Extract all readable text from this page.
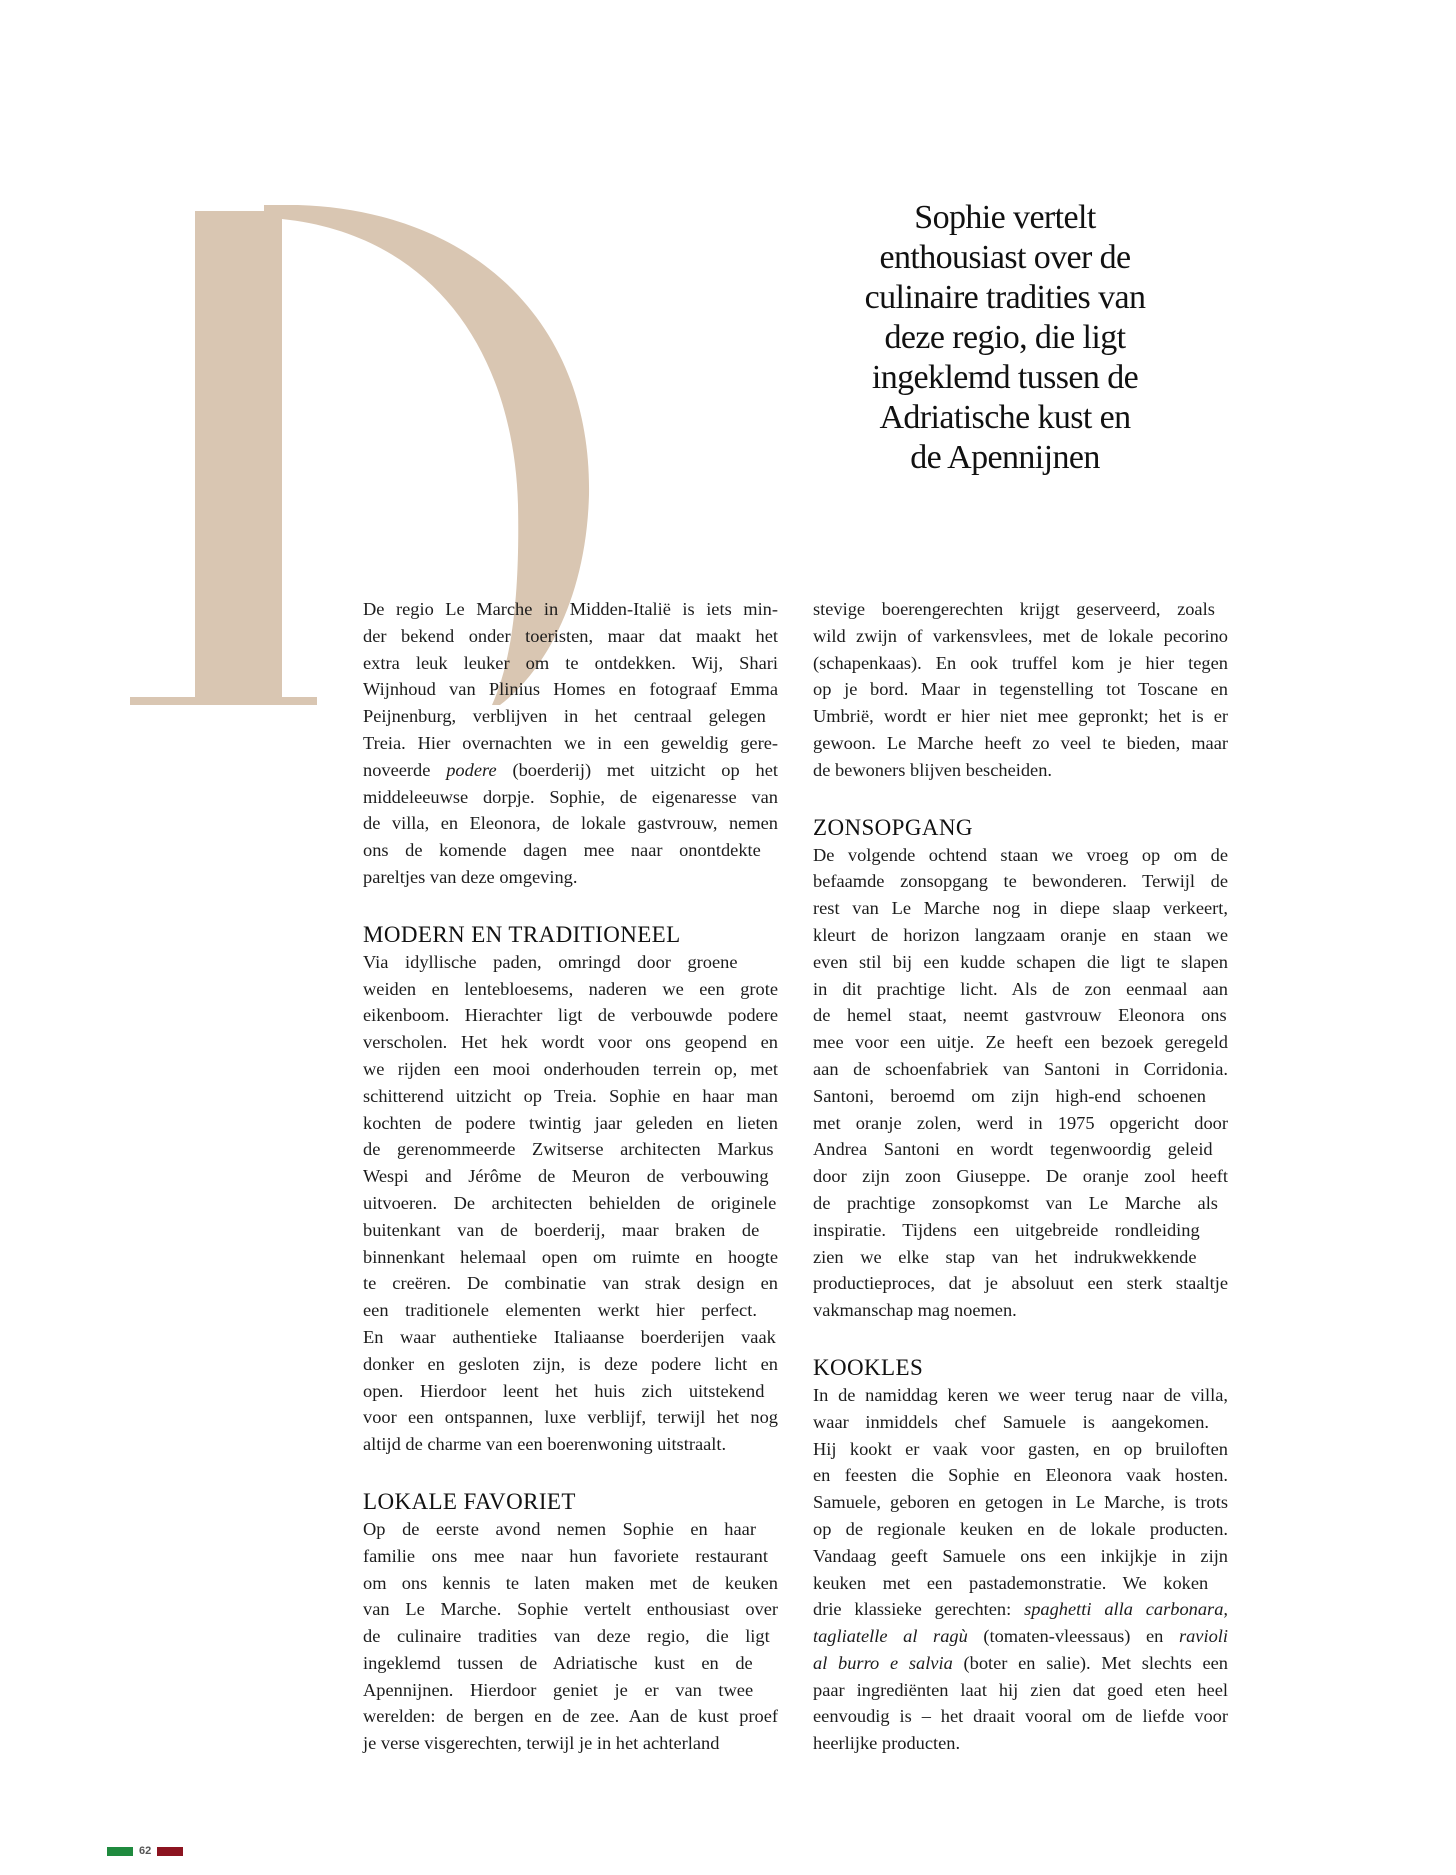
Sophie vertelt
enthousiast over de
culinaire tradities van
deze regio, die ligt
ingeklemd tussen de
Adriatische kust en
de Apennijnen

De regio Le Marche in Midden-Italië is iets min-
der bekend onder toeristen, maar dat maakt het
extra leuk leuker om te ontdekken. Wij, Shari
Wijnhoud van Plinius Homes en fotograaf Emma
Peijnenburg, verblijven in het centraal gelegen
Treia. Hier overnachten we in een geweldig gere-
noveerde podere (boerderij) met uitzicht op het
middeleeuwse dorpje. Sophie, de eigenaresse van
de villa, en Eleonora, de lokale gastvrouw, nemen
ons de komende dagen mee naar onontdekte
pareltjes van deze omgeving.

MODERN EN TRADITIONEEL

Via idyllische paden, omringd door groene
weiden en lentebloesems, naderen we een grote
eikenboom. Hierachter ligt de verbouwde podere
verscholen. Het hek wordt voor ons geopend en
we rijden een mooi onderhouden terrein op, met
schitterend uitzicht op Treia. Sophie en haar man
kochten de podere twintig jaar geleden en lieten
de gerenommeerde Zwitserse architecten Markus
Wespi and Jérôme de Meuron de verbouwing
uitvoeren. De architecten behielden de originele
buitenkant van de boerderij, maar braken de
binnenkant helemaal open om ruimte en hoogte
te creëren. De combinatie van strak design en
een traditionele elementen werkt hier perfect.
En waar authentieke Italiaanse boerderijen vaak
donker en gesloten zijn, is deze podere licht en
open. Hierdoor leent het huis zich uitstekend
voor een ontspannen, luxe verblijf, terwijl het nog
altijd de charme van een boerenwoning uitstraalt.

LOKALE FAVORIET

Op de eerste avond nemen Sophie en haar
familie ons mee naar hun favoriete restaurant
om ons kennis te laten maken met de keuken
van Le Marche. Sophie vertelt enthousiast over
de culinaire tradities van deze regio, die ligt
ingeklemd tussen de Adriatische kust en de
Apennijnen. Hierdoor geniet je er van twee
werelden: de bergen en de zee. Aan de kust proef
je verse visgerechten, terwijl je in het achterland

stevige boerengerechten krijgt geserveerd, zoals
wild zwijn of varkensvlees, met de lokale pecorino
(schapenkaas). En ook truffel kom je hier tegen
op je bord. Maar in tegenstelling tot Toscane en
Umbrië, wordt er hier niet mee gepronkt; het is er
gewoon. Le Marche heeft zo veel te bieden, maar
de bewoners blijven bescheiden.

ZONSOPGANG

De volgende ochtend staan we vroeg op om de
befaamde zonsopgang te bewonderen. Terwijl de
rest van Le Marche nog in diepe slaap verkeert,
kleurt de horizon langzaam oranje en staan we
even stil bij een kudde schapen die ligt te slapen
in dit prachtige licht. Als de zon eenmaal aan
de hemel staat, neemt gastvrouw Eleonora ons
mee voor een uitje. Ze heeft een bezoek geregeld
aan de schoenfabriek van Santoni in Corridonia.
Santoni, beroemd om zijn high-end schoenen
met oranje zolen, werd in 1975 opgericht door
Andrea Santoni en wordt tegenwoordig geleid
door zijn zoon Giuseppe. De oranje zool heeft
de prachtige zonsopkomst van Le Marche als
inspiratie. Tijdens een uitgebreide rondleiding
zien we elke stap van het indrukwekkende
productieproces, dat je absoluut een sterk staaltje
vakmanschap mag noemen.

KOOKLES

In de namiddag keren we weer terug naar de villa,
waar inmiddels chef Samuele is aangekomen.
Hij kookt er vaak voor gasten, en op bruiloften
en feesten die Sophie en Eleonora vaak hosten.
Samuele, geboren en getogen in Le Marche, is trots
op de regionale keuken en de lokale producten.
Vandaag geeft Samuele ons een inkijkje in zijn
keuken met een pastademonstratie. We koken
drie klassieke gerechten: spaghetti alla carbonara,
tagliatelle al ragù (tomaten-vleessaus) en ravioli
al burro e salvia (boter en salie). Met slechts een
paar ingrediënten laat hij zien dat goed eten heel
eenvoudig is – het draait vooral om de liefde voor
heerlijke producten.

62
